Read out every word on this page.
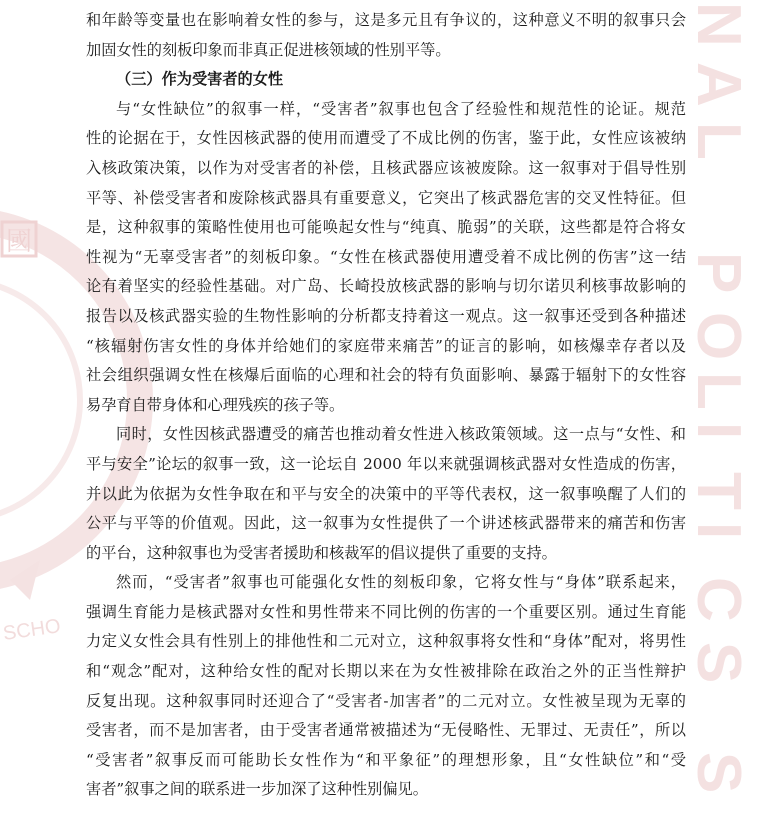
國
SCHO
N
A
L
P
O
L
I
T
I
C
S
S
和年龄等变量也在影响着女性的参与，这是多元且有争议的，这种意义不明的叙事只会
加固女性的刻板印象而非真正促进核领域的性别平等。
（三）作为受害者的女性
与“女性缺位”的叙事一样，“受害者”叙事也包含了经验性和规范性的论证。规范
性的论据在于，女性因核武器的使用而遭受了不成比例的伤害，鉴于此，女性应该被纳
入核政策决策，以作为对受害者的补偿，且核武器应该被废除。这一叙事对于倡导性别
平等、补偿受害者和废除核武器具有重要意义，它突出了核武器危害的交叉性特征。但
是，这种叙事的策略性使用也可能唤起女性与“纯真、脆弱”的关联，这些都是符合将女
性视为“无辜受害者”的刻板印象。“女性在核武器使用遭受着不成比例的伤害”这一结
论有着坚实的经验性基础。对广岛、长崎投放核武器的影响与切尔诺贝利核事故影响的
报告以及核武器实验的生物性影响的分析都支持着这一观点。这一叙事还受到各种描述
“核辐射伤害女性的身体并给她们的家庭带来痛苦”的证言的影响，如核爆幸存者以及
社会组织强调女性在核爆后面临的心理和社会的特有负面影响、暴露于辐射下的女性容
易孕育自带身体和心理残疾的孩子等。
同时，女性因核武器遭受的痛苦也推动着女性进入核政策领域。这一点与“女性、和
平与安全”论坛的叙事一致，这一论坛自 2000 年以来就强调核武器对女性造成的伤害，
并以此为依据为女性争取在和平与安全的决策中的平等代表权，这一叙事唤醒了人们的
公平与平等的价值观。因此，这一叙事为女性提供了一个讲述核武器带来的痛苦和伤害
的平台，这种叙事也为受害者援助和核裁军的倡议提供了重要的支持。
然而，“受害者”叙事也可能强化女性的刻板印象，它将女性与“身体”联系起来，
强调生育能力是核武器对女性和男性带来不同比例的伤害的一个重要区别。通过生育能
力定义女性会具有性别上的排他性和二元对立，这种叙事将女性和“身体”配对，将男性
和“观念”配对，这种给女性的配对长期以来在为女性被排除在政治之外的正当性辩护
反复出现。这种叙事同时还迎合了“受害者-加害者”的二元对立。女性被呈现为无辜的
受害者，而不是加害者，由于受害者通常被描述为“无侵略性、无罪过、无责任”，所以
“受害者”叙事反而可能助长女性作为“和平象征”的理想形象，且“女性缺位”和“受
害者”叙事之间的联系进一步加深了这种性别偏见。
